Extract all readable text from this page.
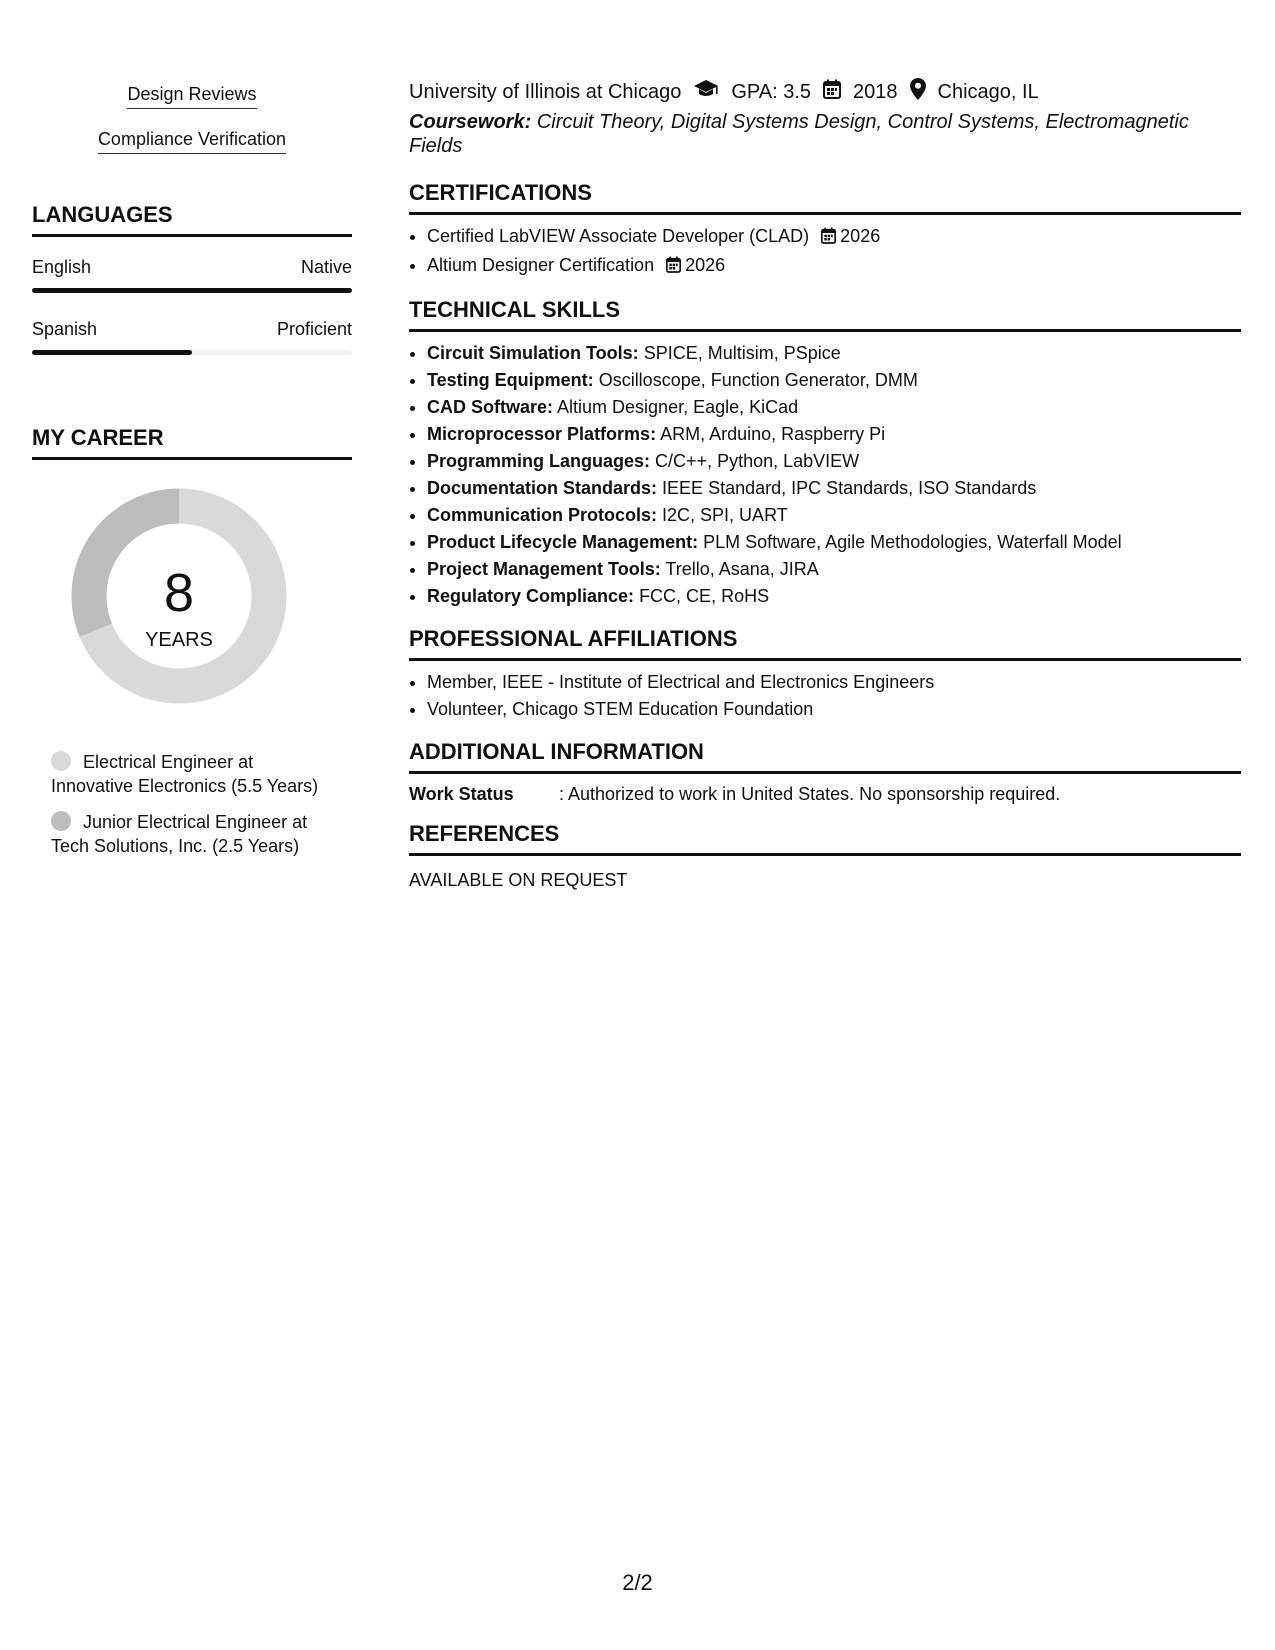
Design Reviews
Compliance Verification
LANGUAGES
English	Native
Spanish	Proficient
MY CAREER
8
YEARS
Electrical Engineer at Innovative Electronics (5.5 Years)
Junior Electrical Engineer at Tech Solutions, Inc. (2.5 Years)
University of Illinois at Chicago	GPA: 3.5 2018 Chicago, IL
Coursework: Circuit Theory, Digital Systems Design, Control Systems, Electromagnetic Fields
CERTIFICATIONS
• Certified LabVIEW Associate Developer (CLAD) 2026
• Altium Designer Certification 2026
TECHNICAL SKILLS
• Circuit Simulation Tools: SPICE, Multisim, PSpice
• Testing Equipment: Oscilloscope, Function Generator, DMM
• CAD Software: Altium Designer, Eagle, KiCad
• Microprocessor Platforms: ARM, Arduino, Raspberry Pi
• Programming Languages: C/C++, Python, LabVIEW
• Documentation Standards: IEEE Standard, IPC Standards, ISO Standards
• Communication Protocols: I2C, SPI, UART
• Product Lifecycle Management: PLM Software, Agile Methodologies, Waterfall Model
• Project Management Tools: Trello, Asana, JIRA
• Regulatory Compliance: FCC, CE, RoHS
PROFESSIONAL AFFILIATIONS
• Member, IEEE - Institute of Electrical and Electronics Engineers
• Volunteer, Chicago STEM Education Foundation
ADDITIONAL INFORMATION
Work Status	: Authorized to work in United States. No sponsorship required.
REFERENCES
AVAILABLE ON REQUEST
2/2
